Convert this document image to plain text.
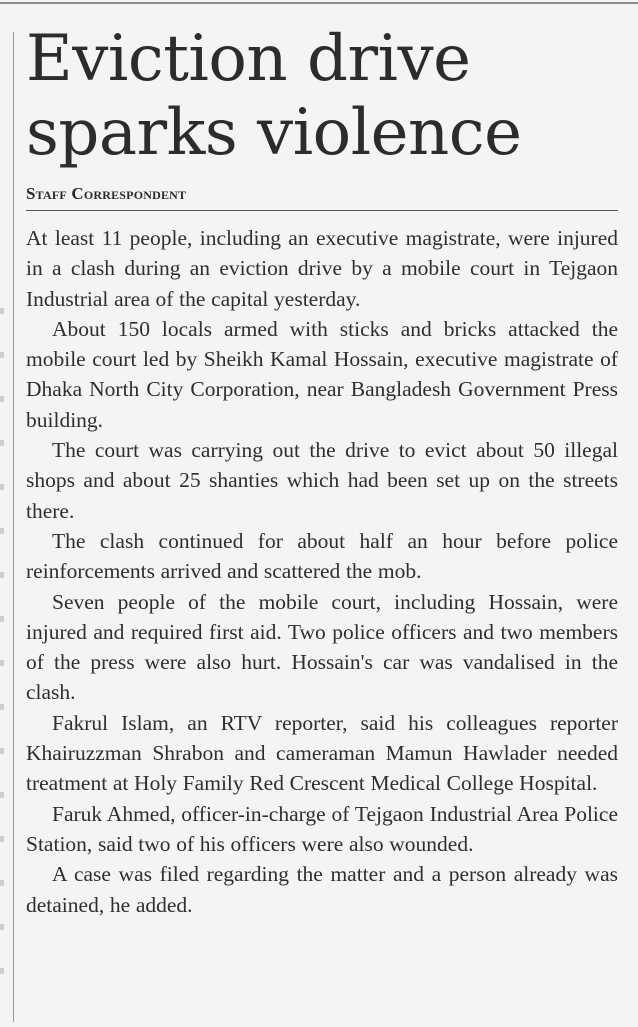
Eviction drive sparks violence
Staff Correspondent

At least 11 people, including an executive magistrate, were injured in a clash during an eviction drive by a mobile court in Tejgaon Industrial area of the capital yesterday.

About 150 locals armed with sticks and bricks attacked the mobile court led by Sheikh Kamal Hossain, executive magistrate of Dhaka North City Corporation, near Bangladesh Government Press building.

The court was carrying out the drive to evict about 50 illegal shops and about 25 shanties which had been set up on the streets there.

The clash continued for about half an hour before police reinforcements arrived and scattered the mob.

Seven people of the mobile court, including Hossain, were injured and required first aid. Two police officers and two members of the press were also hurt. Hossain's car was vandalised in the clash.

Fakrul Islam, an RTV reporter, said his colleagues reporter Khairuzzman Shrabon and cameraman Mamun Hawlader needed treatment at Holy Family Red Crescent Medical College Hospital.

Faruk Ahmed, officer-in-charge of Tejgaon Industrial Area Police Station, said two of his officers were also wounded.

A case was filed regarding the matter and a person already was detained, he added.
